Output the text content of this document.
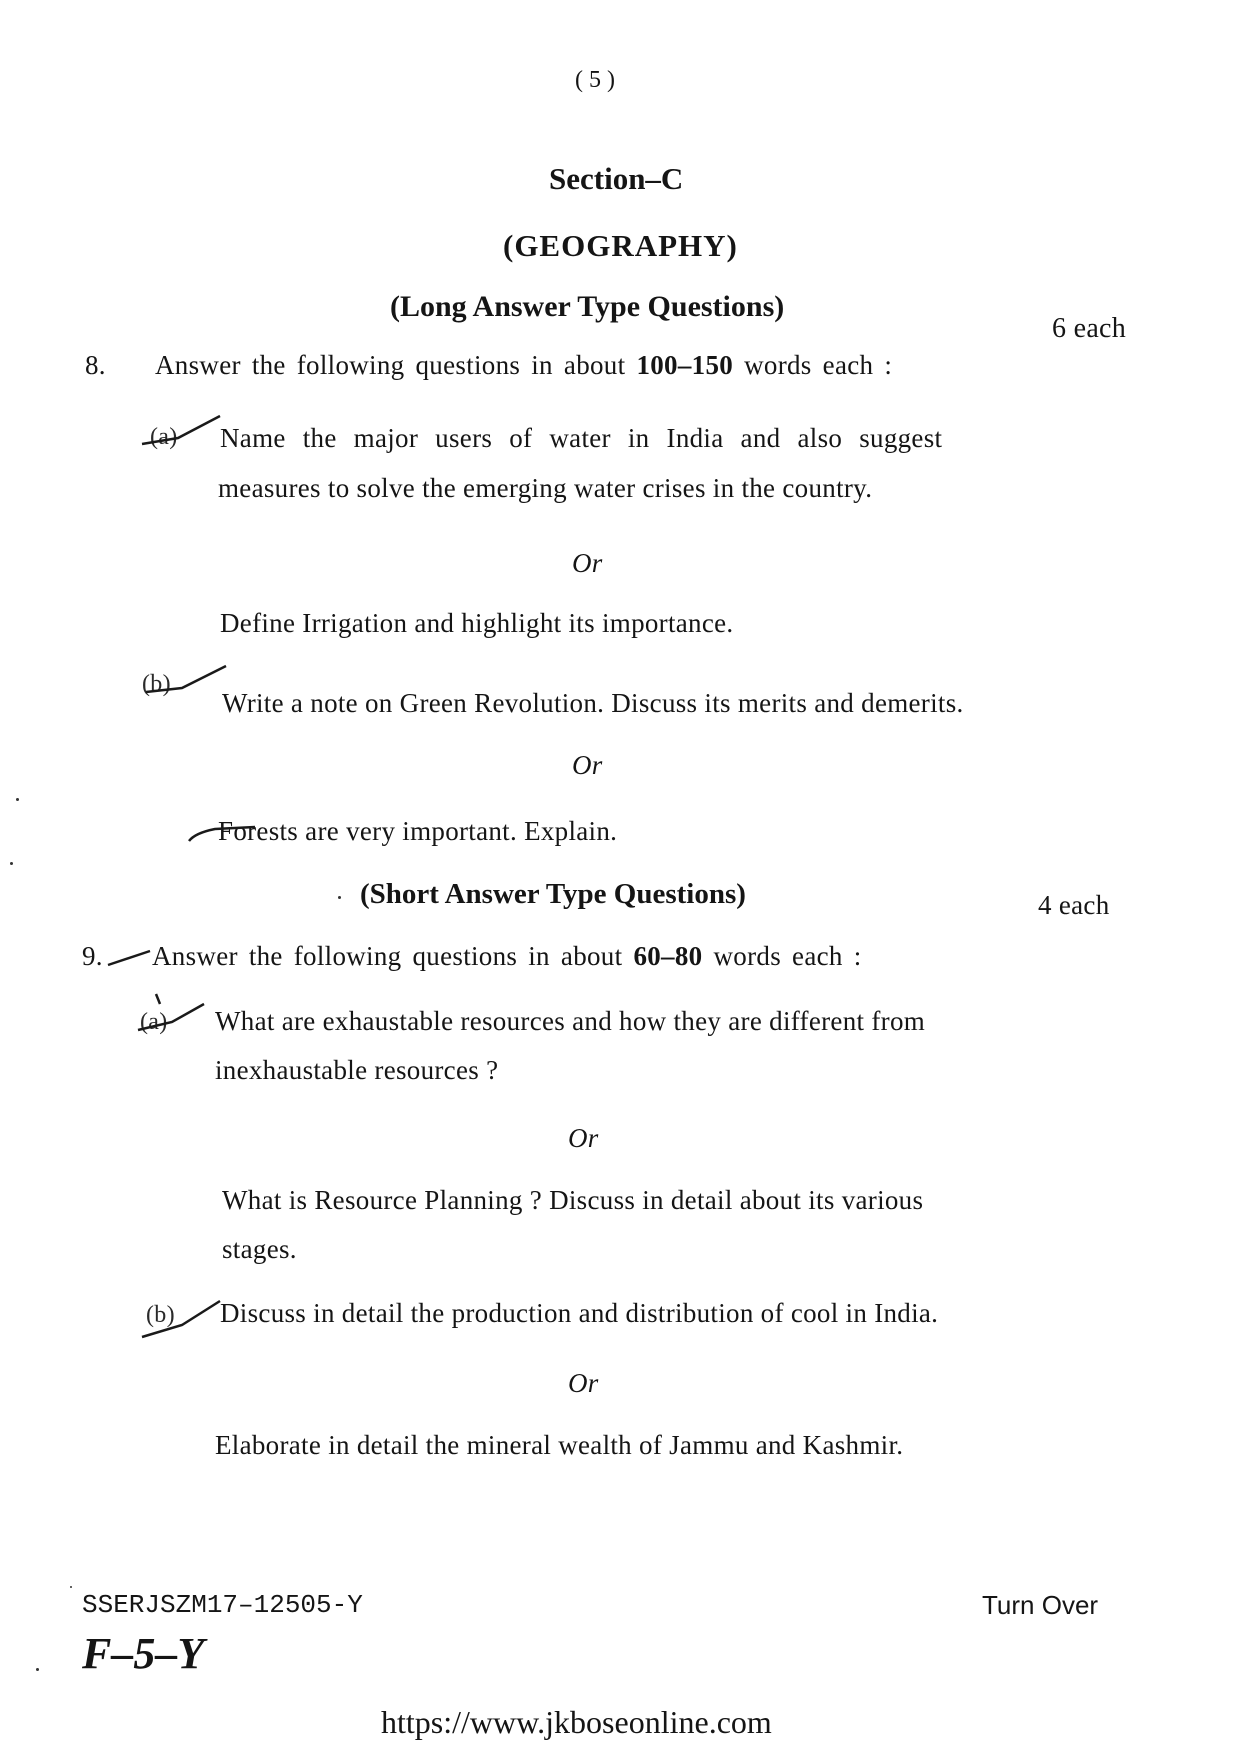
( 5 )
Section–C
(GEOGRAPHY)
(Long Answer Type Questions)
6 each
8. Answer the following questions in about 100–150 words each :
(a) Name the major users of water in India and also suggest
measures to solve the emerging water crises in the country.
Or
Define Irrigation and highlight its importance.
(b)
Write a note on Green Revolution. Discuss its merits and demerits.
Or
Forests are very important. Explain.
(Short Answer Type Questions)	4 each
9. Answer the following questions in about 60–80 words each :
(a) What are exhaustable resources and how they are different from
inexhaustable resources ?
Or
What is Resource Planning ? Discuss in detail about its various
stages.
(b) Discuss in detail the production and distribution of cool in India.
Or
Elaborate in detail the mineral wealth of Jammu and Kashmir.
SSERJSZM17–12505-Y	Turn Over
F–5–Y
https://www.jkboseonline.com
